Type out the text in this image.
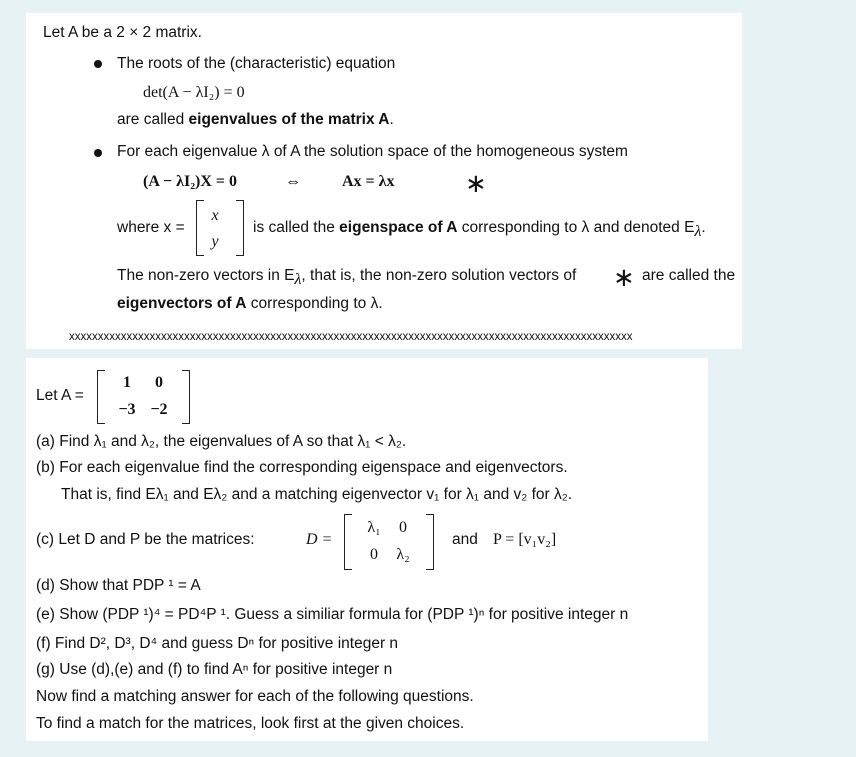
Let A be a 2 × 2 matrix.
The roots of the (characteristic) equation
det(A − λI₂) = 0
are called eigenvalues of the matrix A.
For each eigenvalue λ of A the solution space of the homogeneous system
(A − λI₂)X = 0	⇔	Ax = λx	∗
where x =
x
y
is called the eigenspace of A corresponding to λ and denoted $E_\lambda$.
The non-zero vectors in $E_\lambda$, that is, the non-zero solution vectors of ∗ are called the
eigenvectors of A corresponding to λ.
xxxxxxxxxxxxxxxxxxxxxxxxxxxxxxxxxxxxxxxxxxxxxxxxxxxxxxxxxxxxxxxxxxxxxxxxxxxxxxxxxxxxxxxxxxxxxxxxxx
Let A =
1	0
−3 −2
(a) Find λ₁ and λ₂, the eigenvalues of A so that λ₁ < λ₂.
(b) For each eigenvalue find the corresponding eigenspace and eigenvectors.
That is, find Eλ₁ and Eλ₂ and a matching eigenvector v₁ for λ₁ and v₂ for λ₂.
(c) Let D and P be the matrices:	D =
λ₁	0
0	λ₂
and P = [v₁v₂]
(d) Show that PDP ¹ = A
(e) Show (PDP ¹)⁴ = PD⁴P ¹. Guess a similiar formula for (PDP ¹)ⁿ for positive integer n
(f) Find D², D³, D⁴ and guess Dⁿ for positive integer n
(g) Use (d),(e) and (f) to find Aⁿ for positive integer n
Now find a matching answer for each of the following questions.
To find a match for the matrices, look first at the given choices.
